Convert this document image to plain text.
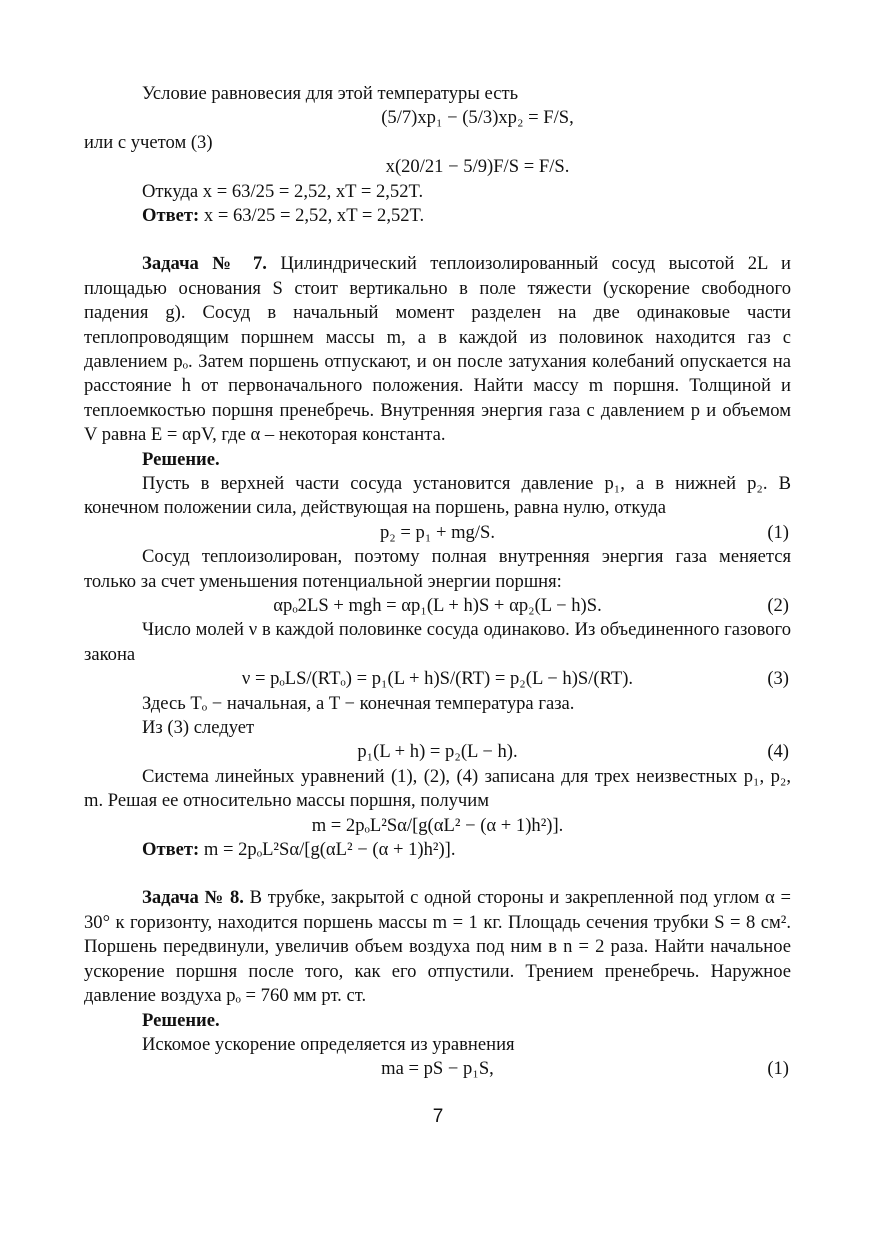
Условие равновесия для этой температуры есть
(5/7)xp₁ − (5/3)xp₂ = F/S,
или с учетом (3)
x(20/21 − 5/9)F/S = F/S.
Откуда x = 63/25 = 2,52, xT = 2,52T.
Ответ: x = 63/25 = 2,52, xT = 2,52T.
Задача № 7. Цилиндрический теплоизолированный сосуд высотой 2L и площадью основания S стоит вертикально в поле тяжести (ускорение свободного падения g). Сосуд в начальный момент разделен на две одинаковые части теплопроводящим поршнем массы m, а в каждой из половинок находится газ с давлением pₒ. Затем поршень отпускают, и он после затухания колебаний опускается на расстояние h от первоначального положения. Найти массу m поршня. Толщиной и теплоемкостью поршня пренебречь. Внутренняя энергия газа с давлением p и объемом V равна E = αpV, где α – некоторая константа.
Решение.
Пусть в верхней части сосуда установится давление p₁, а в нижней p₂. В конечном положении сила, действующая на поршень, равна нулю, откуда
p₂ = p₁ + mg/S.	(1)
Сосуд теплоизолирован, поэтому полная внутренняя энергия газа меняется только за счет уменьшения потенциальной энергии поршня:
αpₒ2LS + mgh = αp₁(L + h)S + αp₂(L − h)S.	(2)
Число молей ν в каждой половинке сосуда одинаково. Из объединенного газового закона
ν = pₒLS/(RTₒ) = p₁(L + h)S/(RT) = p₂(L − h)S/(RT).	(3)
Здесь Tₒ − начальная, а T − конечная температура газа.
Из (3) следует
p₁(L + h) = p₂(L − h).	(4)
Система линейных уравнений (1), (2), (4) записана для трех неизвестных p₁, p₂, m. Решая ее относительно массы поршня, получим
m = 2pₒL²Sα/[g(αL² − (α + 1)h²)].
Ответ: m = 2pₒL²Sα/[g(αL² − (α + 1)h²)].
Задача № 8. В трубке, закрытой с одной стороны и закрепленной под углом α = 30° к горизонту, находится поршень массы m = 1 кг. Площадь сечения трубки S = 8 см². Поршень передвинули, увеличив объем воздуха под ним в n = 2 раза. Найти начальное ускорение поршня после того, как его отпустили. Трением пренебречь. Наружное давление воздуха pₒ = 760 мм рт. ст.
Решение.
Искомое ускорение определяется из уравнения
ma = pS − p₁S,	(1)
7
